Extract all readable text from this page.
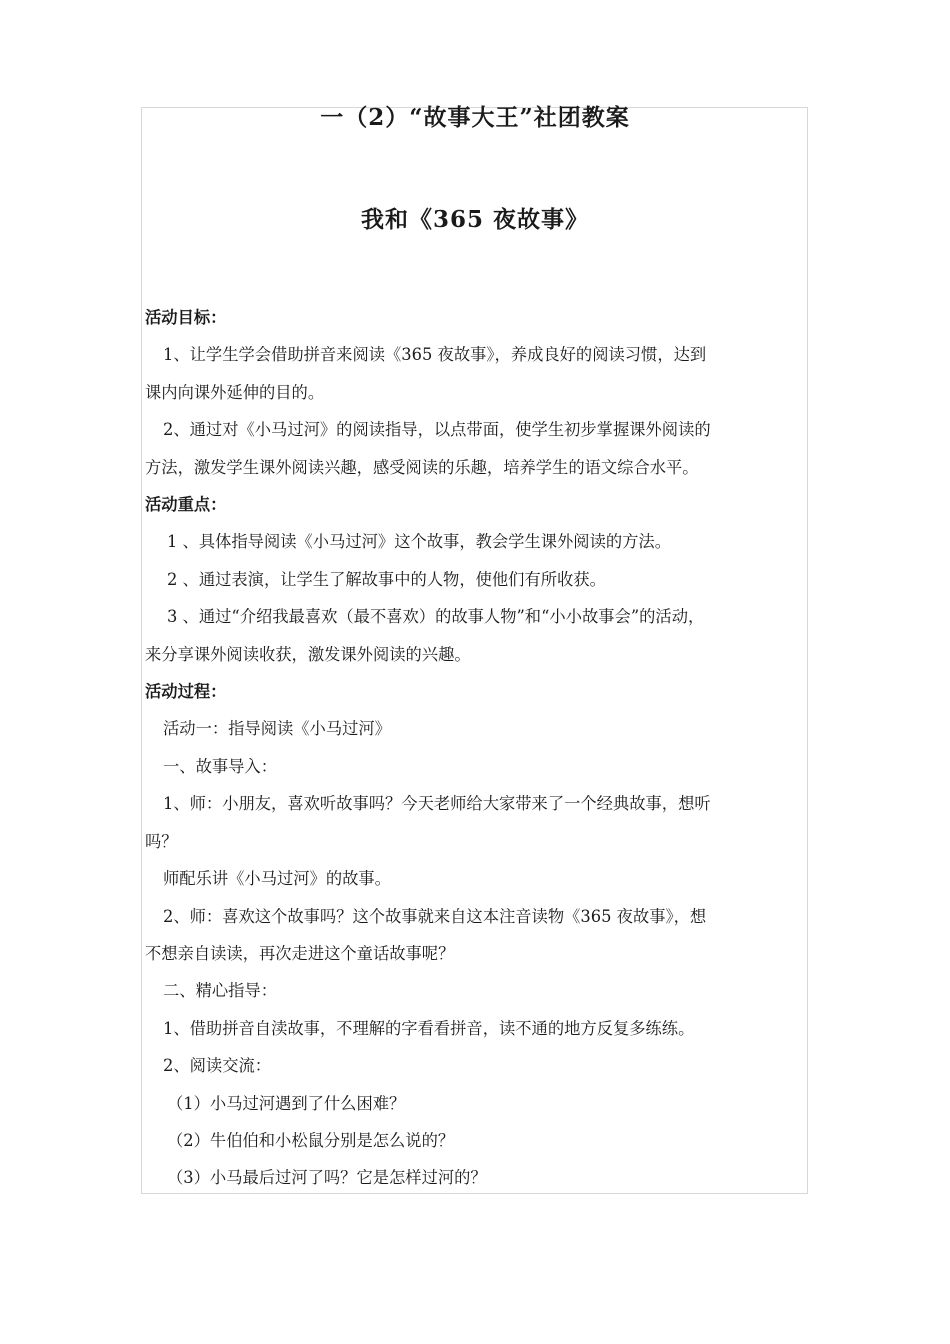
一（2）“故事大王”社团教案
我和《365 夜故事》

活动目标：

1、让学生学会借助拼音来阅读《365 夜故事》，养成良好的阅读习惯，达到

课内向课外延伸的目的。

2、通过对《小马过河》的阅读指导，以点带面，使学生初步掌握课外阅读的

方法，激发学生课外阅读兴趣，感受阅读的乐趣，培养学生的语文综合水平。

活动重点：

1 、具体指导阅读《小马过河》这个故事，教会学生课外阅读的方法。

2 、通过表演，让学生了解故事中的人物，使他们有所收获。

3 、通过“介绍我最喜欢（最不喜欢）的故事人物”和“小小故事会”的活动，

来分享课外阅读收获，激发课外阅读的兴趣。

活动过程：

活动一：指导阅读《小马过河》

一、故事导入：

1、师：小朋友，喜欢听故事吗？今天老师给大家带来了一个经典故事，想听

吗？

师配乐讲《小马过河》的故事。

2、师：喜欢这个故事吗？这个故事就来自这本注音读物《365 夜故事》，想

不想亲自读读，再次走进这个童话故事呢？

二、精心指导：

1、借助拼音自渎故事，不理解的字看看拼音，读不通的地方反复多练练。

2、阅读交流：

（1）小马过河遇到了什么困难？

（2）牛伯伯和小松鼠分别是怎么说的？

（3）小马最后过河了吗？它是怎样过河的？
